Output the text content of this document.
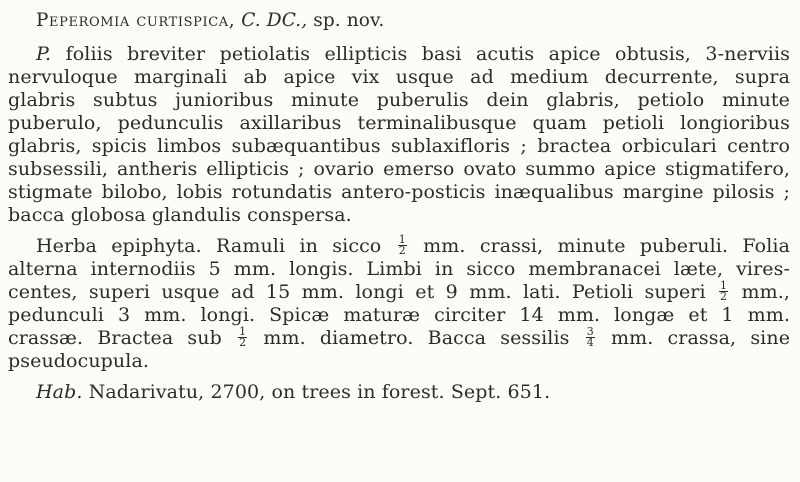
Peperomia curtispica, C. DC., sp. nov.
P. foliis breviter petiolatis ellipticis basi acutis apice obtusis, 3-nerviis
nervuloque marginali ab apice vix usque ad medium decurrente, supra
glabris subtus junioribus minute puberulis dein glabris, petiolo minute
puberulo, pedunculis axillaribus terminalibusque quam petioli longioribus
glabris, spicis limbos subæquantibus sublaxifloris ; bractea orbiculari centro
subsessili, antheris ellipticis ; ovario emerso ovato summo apice stigmatifero,
stigmate bilobo, lobis rotundatis antero-posticis inæqualibus margine pilosis ;
bacca globosa glandulis conspersa.
Herba epiphyta. Ramuli in sicco $\frac{1}{2}$ mm. crassi, minute puberuli. Folia
alterna internodiis 5 mm. longis. Limbi in sicco membranacei læte, vires-
centes, superi usque ad 15 mm. longi et 9 mm. lati. Petioli superi $\frac{1}{2}$ mm.,
pedunculi 3 mm. longi. Spicæ maturæ circiter 14 mm. longæ et 1 mm.
crassæ. Bractea sub $\frac{1}{2}$ mm. diametro. Bacca sessilis $\frac{3}{4}$ mm. crassa, sine
pseudocupula.
Hab. Nadarivatu, 2700, on trees in forest. Sept. 651.
